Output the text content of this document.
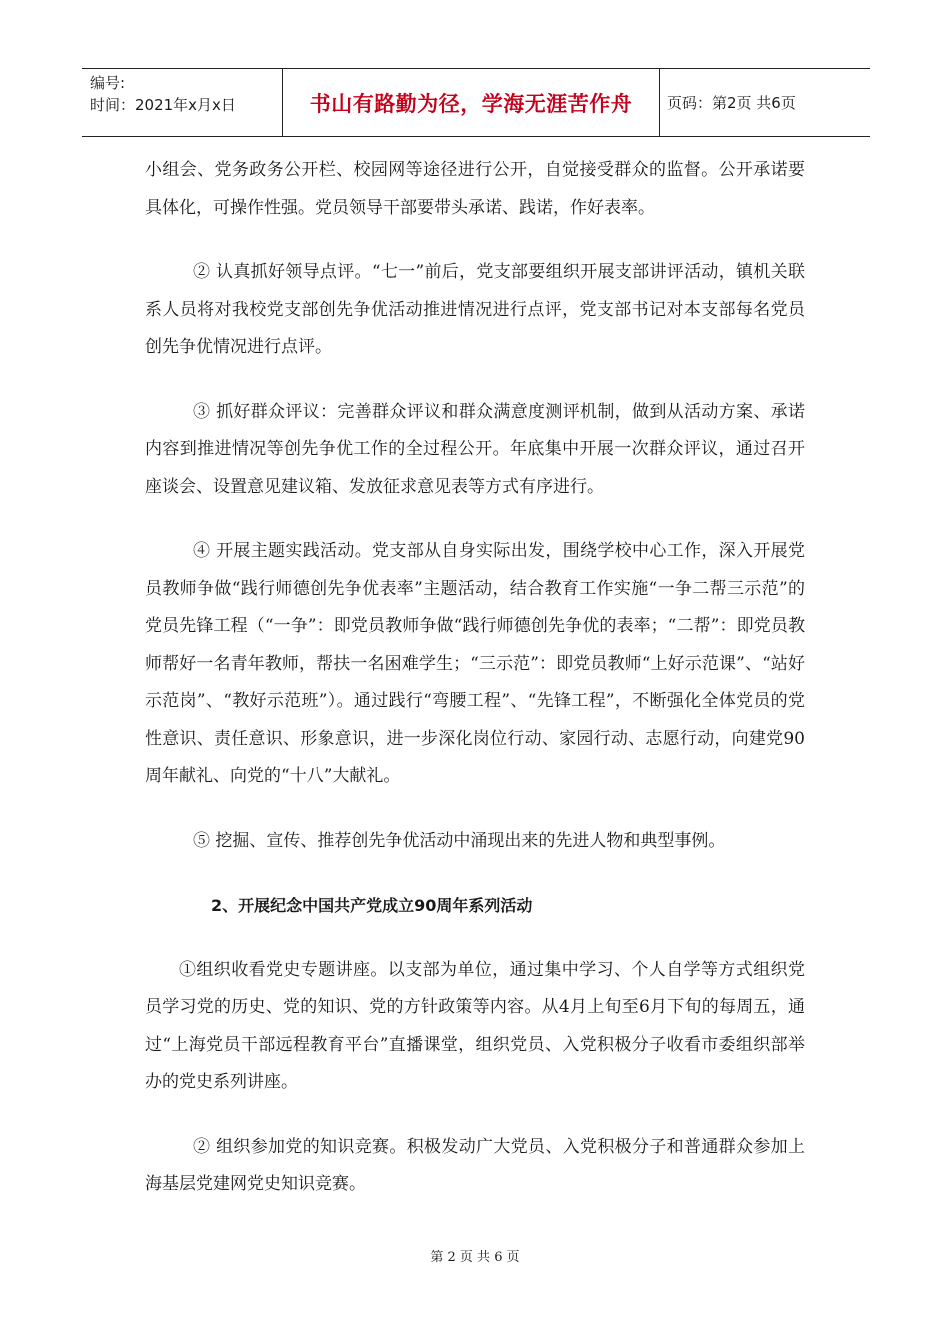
编号:
时间：2021年x月x日	书山有路勤为径，学海无涯苦作舟	页码：第2页 共6页

小组会、党务政务公开栏、校园网等途径进行公开，自觉接受群众的监督。公开承诺要具体化，可操作性强。党员领导干部要带头承诺、践诺，作好表率。

② 认真抓好领导点评。“七一”前后，党支部要组织开展支部讲评活动，镇机关联系人员将对我校党支部创先争优活动推进情况进行点评，党支部书记对本支部每名党员创先争优情况进行点评。

③ 抓好群众评议：完善群众评议和群众满意度测评机制，做到从活动方案、承诺内容到推进情况等创先争优工作的全过程公开。年底集中开展一次群众评议，通过召开座谈会、设置意见建议箱、发放征求意见表等方式有序进行。

④ 开展主题实践活动。党支部从自身实际出发，围绕学校中心工作，深入开展党员教师争做“践行师德创先争优表率”主题活动，结合教育工作实施“一争二帮三示范”的党员先锋工程（“一争”：即党员教师争做“践行师德创先争优的表率；“二帮”：即党员教师帮好一名青年教师，帮扶一名困难学生；“三示范”：即党员教师“上好示范课”、“站好示范岗”、“教好示范班”）。通过践行“弯腰工程”、“先锋工程”，不断强化全体党员的党性意识、责任意识、形象意识，进一步深化岗位行动、家园行动、志愿行动，向建党90周年献礼、向党的“十八”大献礼。

⑤ 挖掘、宣传、推荐创先争优活动中涌现出来的先进人物和典型事例。

2、开展纪念中国共产党成立90周年系列活动

①组织收看党史专题讲座。以支部为单位，通过集中学习、个人自学等方式组织党员学习党的历史、党的知识、党的方针政策等内容。从4月上旬至6月下旬的每周五，通过“上海党员干部远程教育平台”直播课堂，组织党员、入党积极分子收看市委组织部举办的党史系列讲座。

② 组织参加党的知识竞赛。积极发动广大党员、入党积极分子和普通群众参加上海基层党建网党史知识竞赛。

第 2 页 共 6 页
